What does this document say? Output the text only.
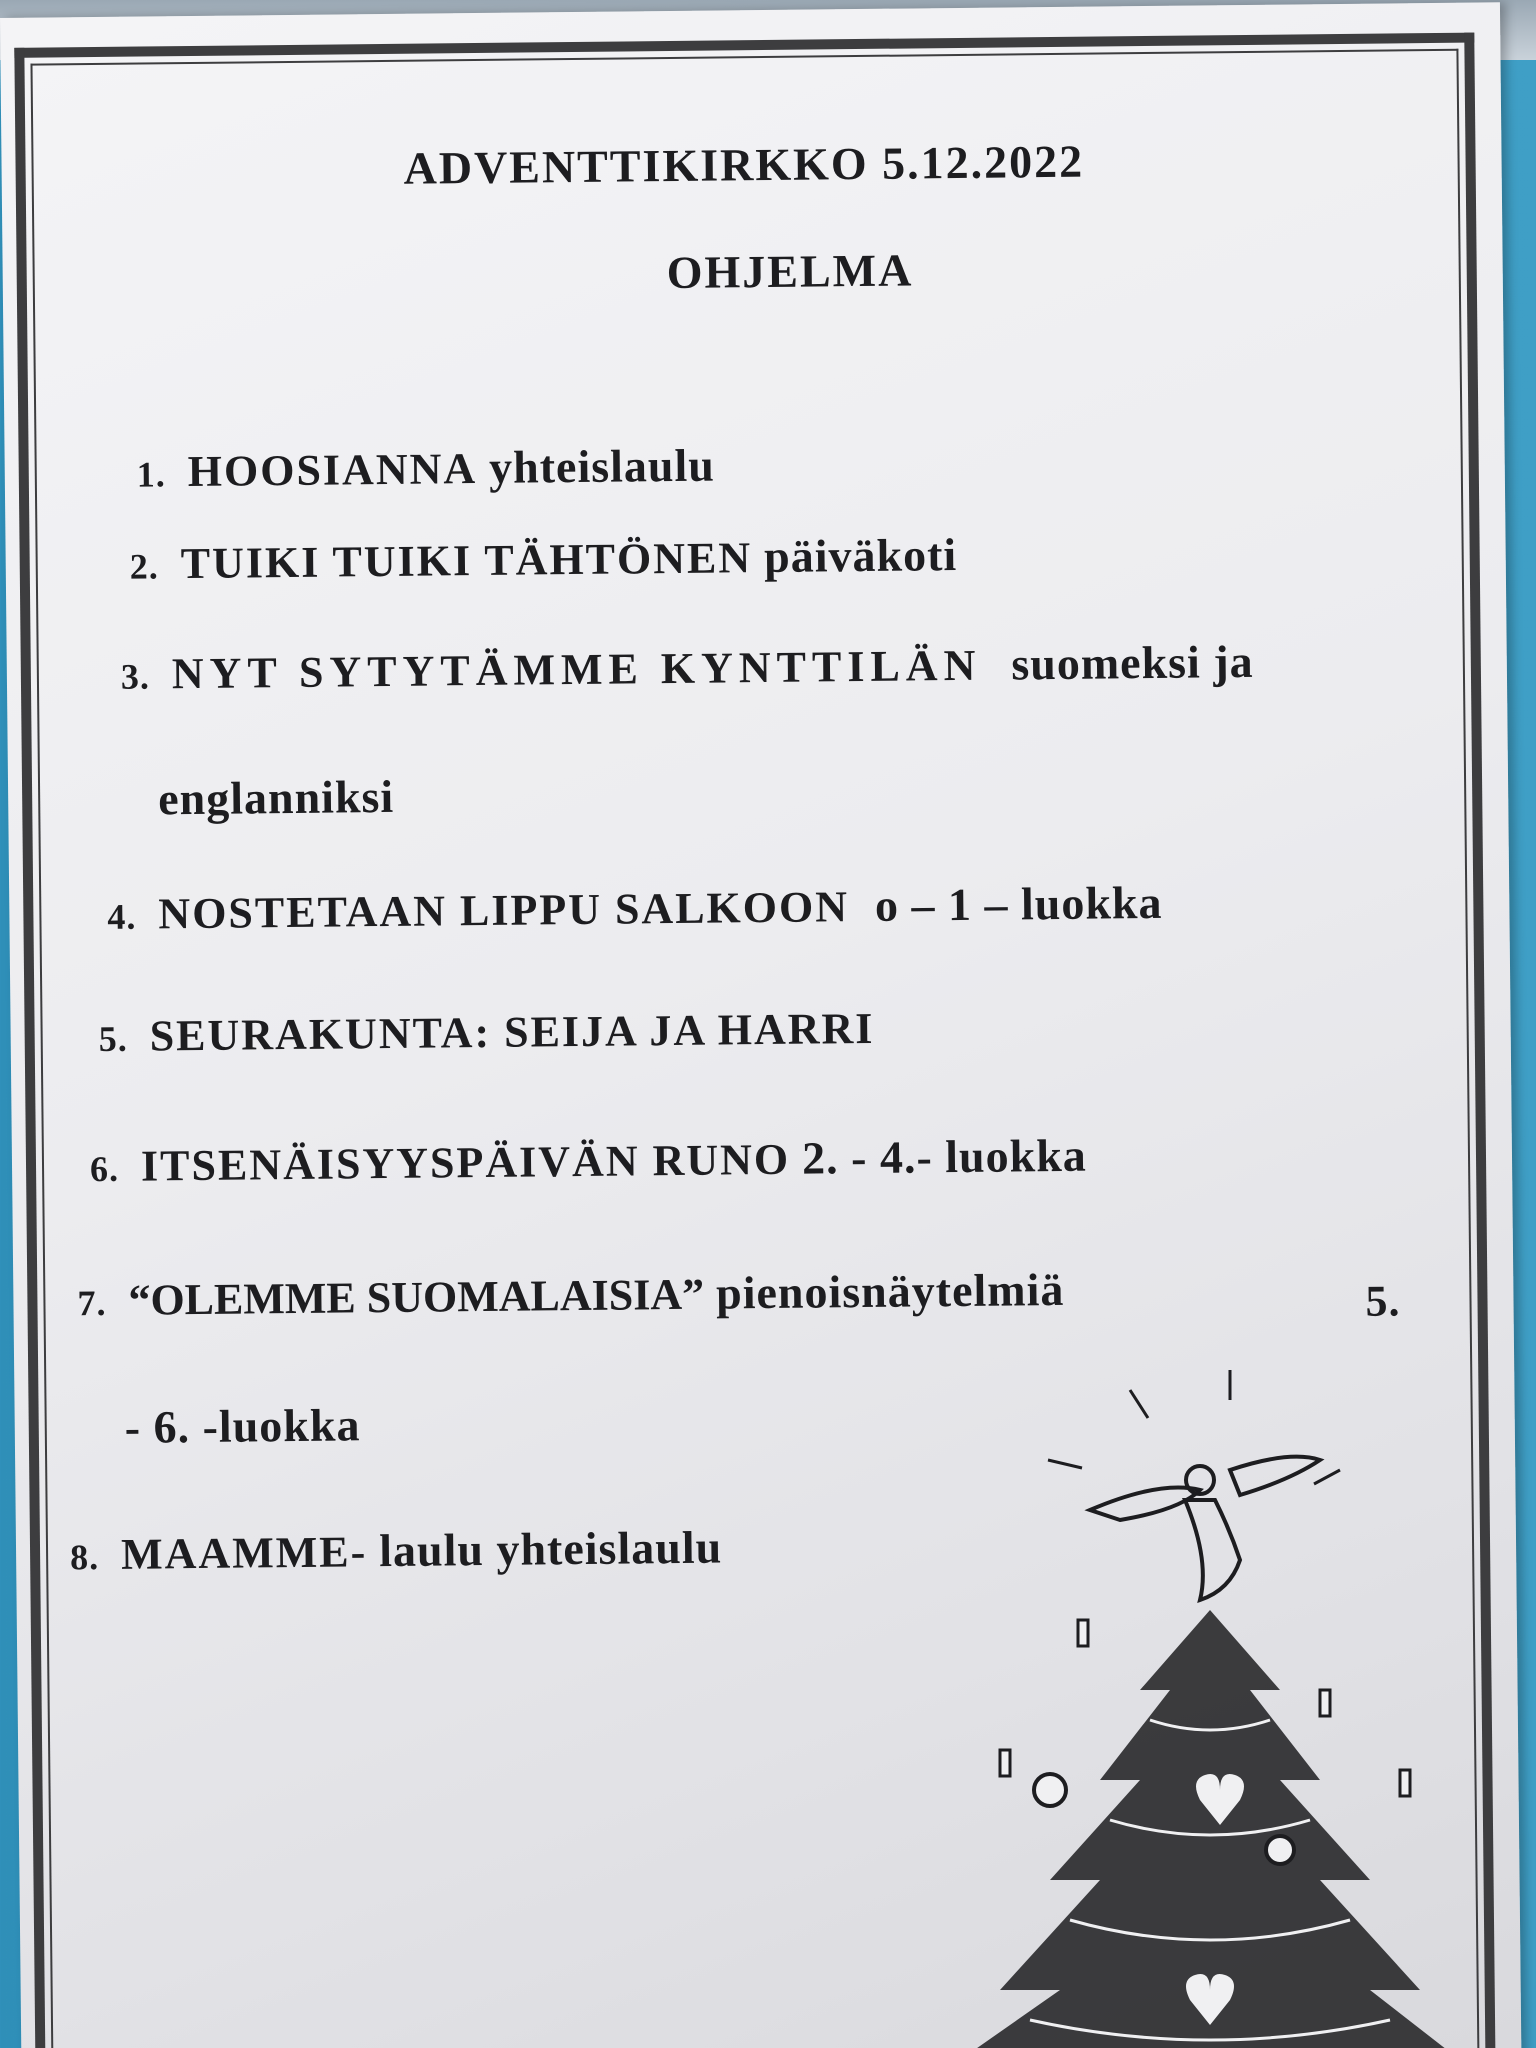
ADVENTTIKIRKKO 5.12.2022
OHJELMA
1. HOOSIANNA yhteislaulu
2. TUIKI TUIKI TÄHTÖNEN päiväkoti
3. NYT SYTYTÄMME KYNTTILÄN suomeksi ja
englanniksi
4. NOSTETAAN LIPPU SALKOON o – 1 – luokka
5. SEURAKUNTA: SEIJA JA HARRI
6. ITSENÄISYYSPÄIVÄN RUNO 2. - 4.- luokka
7. “OLEMME SUOMALAISIA” pienoisnäytelmiä	5.
- 6. -luokka
8. MAAMME- laulu yhteislaulu
